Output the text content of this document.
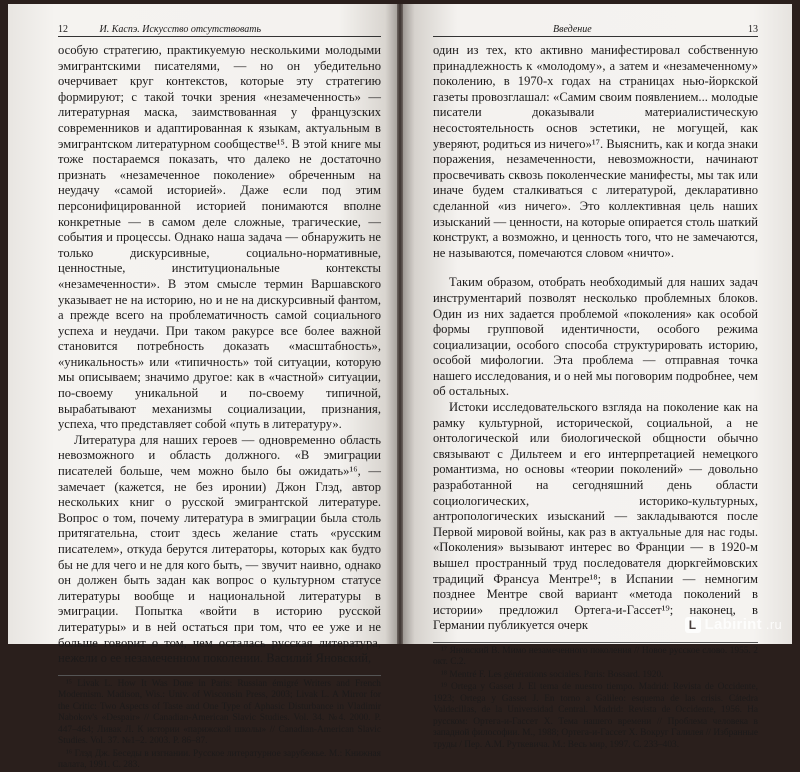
12	И. Каспэ. Искусство отсутствовать

особую стратегию, практикуемую несколькими молодыми эмигрантскими писателями, — но он убедительно очерчивает круг контекстов, которые эту стратегию формируют; с такой точки зрения «незамеченность» — литературная маска, заимствованная у французских современников и адаптированная к языкам, актуальным в эмигрантском литературном сообществе¹⁵. В этой книге мы тоже постараемся показать, что далеко не достаточно признать «незамеченное поколение» обреченным на неудачу «самой историей». Даже если под этим персонифицированной историей понимаются вполне конкретные — в самом деле сложные, трагические, — события и процессы. Однако наша задача — обнаружить не только дискурсивные, социально-нормативные, ценностные, институциональные контексты «незамеченности». В этом смысле термин Варшавского указывает не на историю, но и не на дискурсивный фантом, а прежде всего на проблематичность самой социального успеха и неудачи. При таком ракурсе все более важной становится потребность доказать «масштабность», «уникальность» или «типичность» той ситуации, которую мы описываем; значимо другое: как в «частной» ситуации, по-своему уникальной и по-своему типичной, вырабатывают механизмы социализации, признания, успеха, что представляет собой «путь в литературу».

Литература для наших героев — одновременно область невозможного и область должного. «В эмиграции писателей больше, чем можно было бы ожидать»¹⁶, — замечает (кажется, не без иронии) Джон Глэд, автор нескольких книг о русской эмигрантской литературе. Вопрос о том, почему литература в эмиграции была столь притягательна, стоит здесь желание стать «русским писателем», откуда берутся литераторы, которых как будто бы не для чего и не для кого быть, — звучит наивно, однако он должен быть задан как вопрос о культурном статусе литературы вообще и национальной литературы в эмиграции. Попытка «войти в историю русской литературы» и в ней остаться при том, что ее уже и не больше говорит о том, чем осталась русская литература, нежели о ее незамеченном поколении. Василий Яновский,

¹⁵ Livak L. How It Was Done in Paris: Russian émigré Writers and French Modernism. Madison, Wis.: Univ. of Wisconsin Press, 2003; Livak L. A Mirror for the Critic: Two Aspects of Taste and One Type of Aphasic Disturbance in Vladimir Nabokov's «Despair» // Canadian-American Slavic Studies. Vol. 34. №4. 2000. P. 447–464; Ливак Л. К истории «парижской школы» // Canadian-American Slavic Studies. Vol. 37. №1–2. 2003. P. 86–87.

¹⁶ Глэд Дж. Беседы в изгнании. Русское литературное зарубежье. М.: Книжная палата, 1991. С. 283.

Введение	13

один из тех, кто активно манифестировал собственную принадлежность к «молодому», а затем и «незамеченному» поколению, в 1970-х годах на страницах нью-йоркской газеты провозглашал: «Самим своим появлением... молодые писатели доказывали материалистическую несостоятельность основ эстетики, не могущей, как уверяют, родиться из ничего»¹⁷. Выяснить, как и когда знаки поражения, незамеченности, невозможности, начинают просвечивать сквозь поколенческие манифесты, мы так или иначе будем сталкиваться с литературой, декларативно сделанной «из ничего». Это коллективная цель наших изысканий — ценности, на которые опирается столь шаткий конструкт, а возможно, и ценность того, что не замечаются, не называются, помечаются словом «ничто».

Таким образом, отобрать необходимый для наших задач инструментарий позволят несколько проблемных блоков. Один из них задается проблемой «поколения» как особой формы групповой идентичности, особого режима социализации, особого способа структурировать историю, особой мифологии. Эта проблема — отправная точка нашего исследования, и о ней мы поговорим подробнее, чем об остальных.

Истоки исследовательского взгляда на поколение как на рамку культурной, исторической, социальной, а не онтологической или биологической общности обычно связывают с Дильтеем и его интерпретацией немецкого романтизма, но основы «теории поколений» — довольно разработанной на сегодняшний день области социологических, историко-культурных, антропологических изысканий — закладываются после Первой мировой войны, как раз в актуальные для нас годы. «Поколения» вызывают интерес во Франции — в 1920-м вышел пространный труд последователя дюркгеймовских традиций Франсуа Ментре¹⁸; в Испании — немногим позднее Ментре свой вариант «метода поколений в истории» предложил Ортега-и-Гассет¹⁹; наконец, в Германии публикуется очерк

¹⁷ Яновский В. Мимо незамеченного поколения // Новое русское слово. 1955. 2 окт. С.2.

¹⁸ Mentré F. Les générations sociales. Paris: Bossard. 1920.

¹⁹ Ortega y Gasset J. El tema de nuestro tiempo. Madrid: Revista de Occidente, 1923; Ortega y Gasset J. En torno a Galileo: esquema de las crisis. Cátedra Valdecillas, de la Universidad Central. Madrid: Revista de Occidente, 1956. На русском: Ортега-и-Гассет Х. Тема нашего времени // Проблема человека в западной философии. М., 1988; Ортега-и-Гассет Х. Вокруг Галилея // Избранные труды / Пер. А.М. Руткевича. М.: Весь мир, 1997. С. 233–403.

L Labirint .ru
